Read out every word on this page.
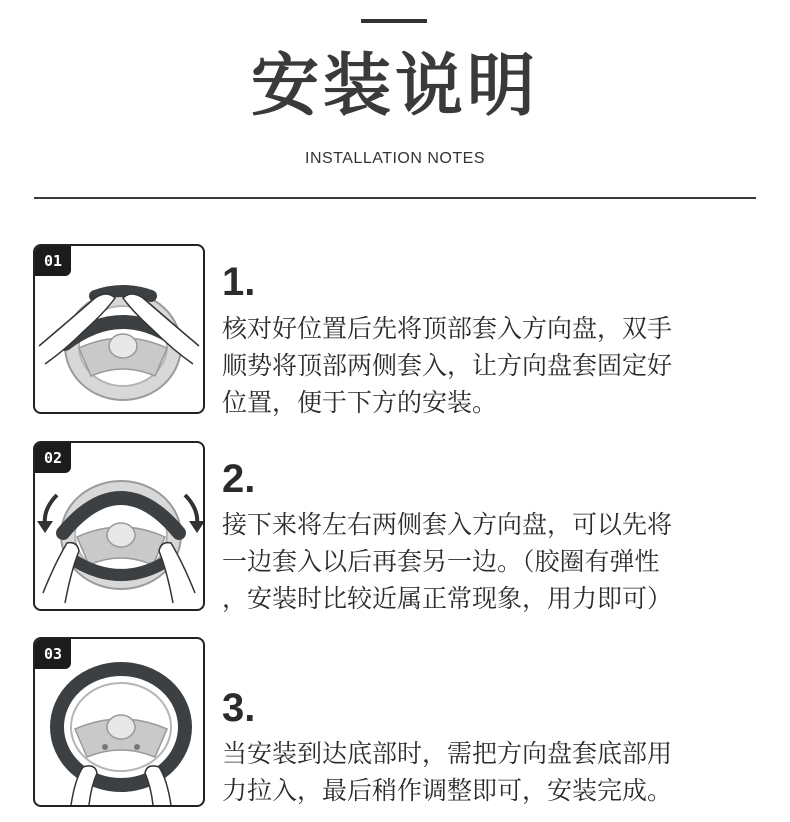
安装说明
INSTALLATION NOTES
01	1.
核对好位置后先将顶部套入方向盘，双手
顺势将顶部两侧套入，让方向盘套固定好
位置，便于下方的安装。
02	2.
接下来将左右两侧套入方向盘，可以先将
一边套入以后再套另一边。（胶圈有弹性
，安装时比较近属正常现象，用力即可）
03
3.
当安装到达底部时，需把方向盘套底部用
力拉入，最后稍作调整即可，安装完成。
